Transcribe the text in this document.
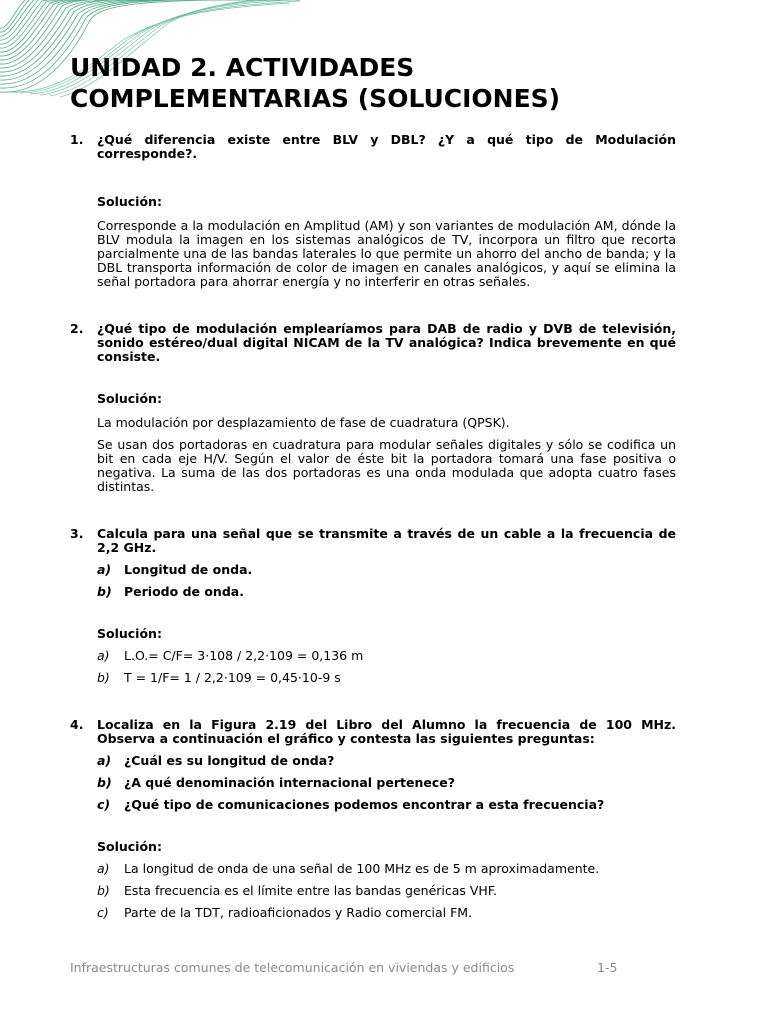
UNIDAD 2. ACTIVIDADES
COMPLEMENTARIAS (SOLUCIONES)
1. ¿Qué diferencia existe entre BLV y DBL? ¿Y a qué tipo de Modulación corresponde?.
Solución:
Corresponde a la modulación en Amplitud (AM) y son variantes de modulación AM, dónde la BLV modula la imagen en los sistemas analógicos de TV, incorpora un filtro que recorta parcialmente una de las bandas laterales lo que permite un ahorro del ancho de banda; y la DBL transporta información de color de imagen en canales analógicos, y aquí se elimina la señal portadora para ahorrar energía y no interferir en otras señales.
2. ¿Qué tipo de modulación emplearíamos para DAB de radio y DVB de televisión, sonido estéreo/dual digital NICAM de la TV analógica? Indica brevemente en qué consiste.
Solución:
La modulación por desplazamiento de fase de cuadratura (QPSK).
Se usan dos portadoras en cuadratura para modular señales digitales y sólo se codifica un bit en cada eje H/V. Según el valor de éste bit la portadora tomará una fase positiva o negativa. La suma de las dos portadoras es una onda modulada que adopta cuatro fases distintas.
3. Calcula para una señal que se transmite a través de un cable a la frecuencia de 2,2 GHz.
a) Longitud de onda.
b) Periodo de onda.
Solución:
a) L.O.= C/F= 3·108 / 2,2·109 = 0,136 m
b) T = 1/F= 1 / 2,2·109 = 0,45·10-9 s
4. Localiza en la Figura 2.19 del Libro del Alumno la frecuencia de 100 MHz. Observa a continuación el gráfico y contesta las siguientes preguntas:
a) ¿Cuál es su longitud de onda?
b) ¿A qué denominación internacional pertenece?
c) ¿Qué tipo de comunicaciones podemos encontrar a esta frecuencia?
Solución:
a) La longitud de onda de una señal de 100 MHz es de 5 m aproximadamente.
b) Esta frecuencia es el límite entre las bandas genéricas VHF.
c) Parte de la TDT, radioaficionados y Radio comercial FM.
Infraestructuras comunes de telecomunicación en viviendas y edificios	1-5
